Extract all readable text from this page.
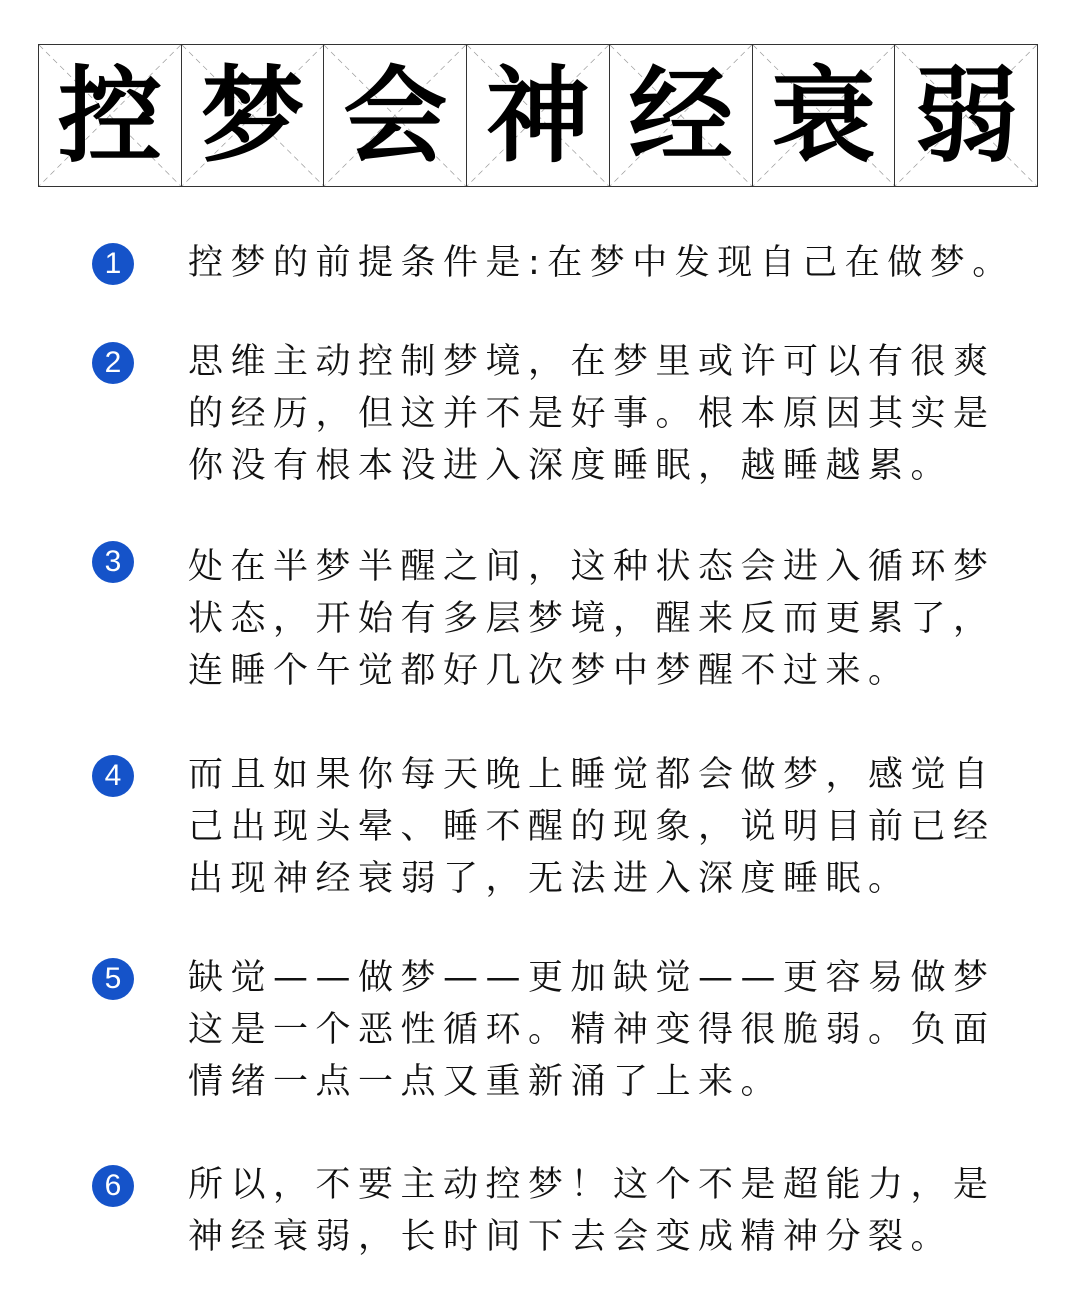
控 梦 会 神 经 衰 弱
1	控梦的前提条件是:在梦中发现自己在做梦。
2	思维主动控制梦境，在梦里或许可以有很爽
的经历，但这并不是好事。根本原因其实是
你没有根本没进入深度睡眠，越睡越累。
3	处在半梦半醒之间，这种状态会进入循环梦
状态，开始有多层梦境，醒来反而更累了，
连睡个午觉都好几次梦中梦醒不过来。
4	而且如果你每天晚上睡觉都会做梦，感觉自
己出现头晕、睡不醒的现象，说明目前已经
出现神经衰弱了，无法进入深度睡眠。
5	缺觉——做梦——更加缺觉——更容易做梦
这是一个恶性循环。精神变得很脆弱。负面
情绪一点一点又重新涌了上来。
6	所以，不要主动控梦！这个不是超能力，是
神经衰弱，长时间下去会变成精神分裂。
